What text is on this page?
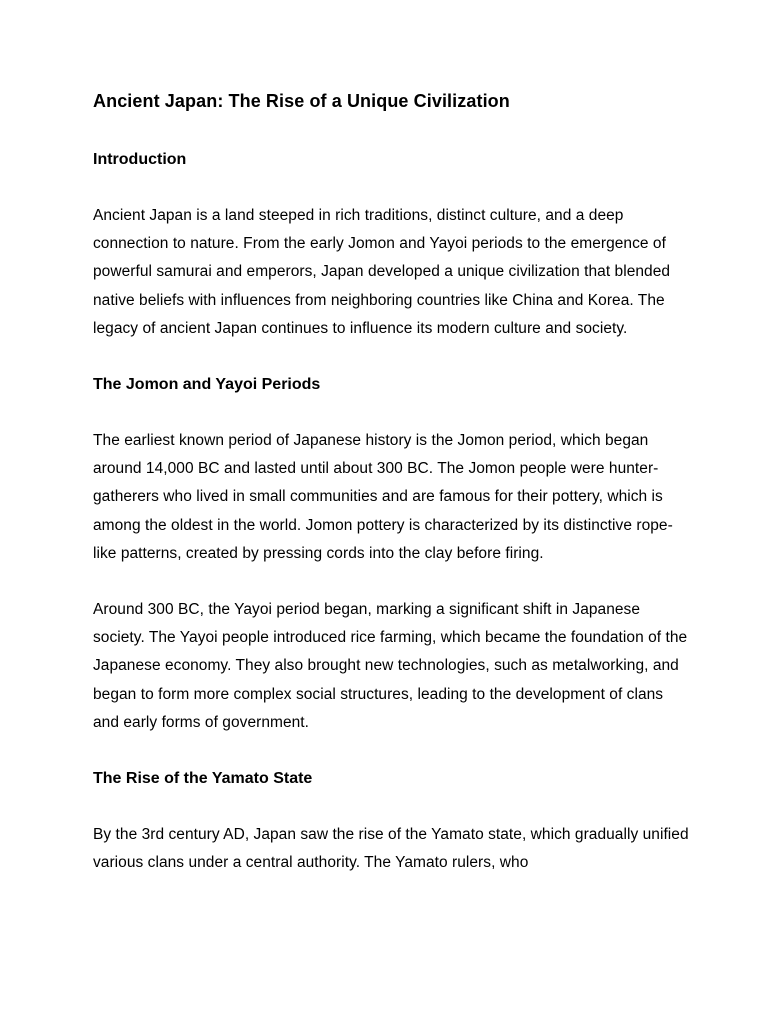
Ancient Japan: The Rise of a Unique Civilization
Introduction

Ancient Japan is a land steeped in rich traditions, distinct culture, and a deep connection to nature. From the early Jomon and Yayoi periods to the emergence of powerful samurai and emperors, Japan developed a unique civilization that blended native beliefs with influences from neighboring countries like China and Korea. The legacy of ancient Japan continues to influence its modern culture and society.

The Jomon and Yayoi Periods

The earliest known period of Japanese history is the Jomon period, which began around 14,000 BC and lasted until about 300 BC. The Jomon people were hunter-gatherers who lived in small communities and are famous for their pottery, which is among the oldest in the world. Jomon pottery is characterized by its distinctive rope-like patterns, created by pressing cords into the clay before firing.

Around 300 BC, the Yayoi period began, marking a significant shift in Japanese society. The Yayoi people introduced rice farming, which became the foundation of the Japanese economy. They also brought new technologies, such as metalworking, and began to form more complex social structures, leading to the development of clans and early forms of government.

The Rise of the Yamato State

By the 3rd century AD, Japan saw the rise of the Yamato state, which gradually unified various clans under a central authority. The Yamato rulers, who
